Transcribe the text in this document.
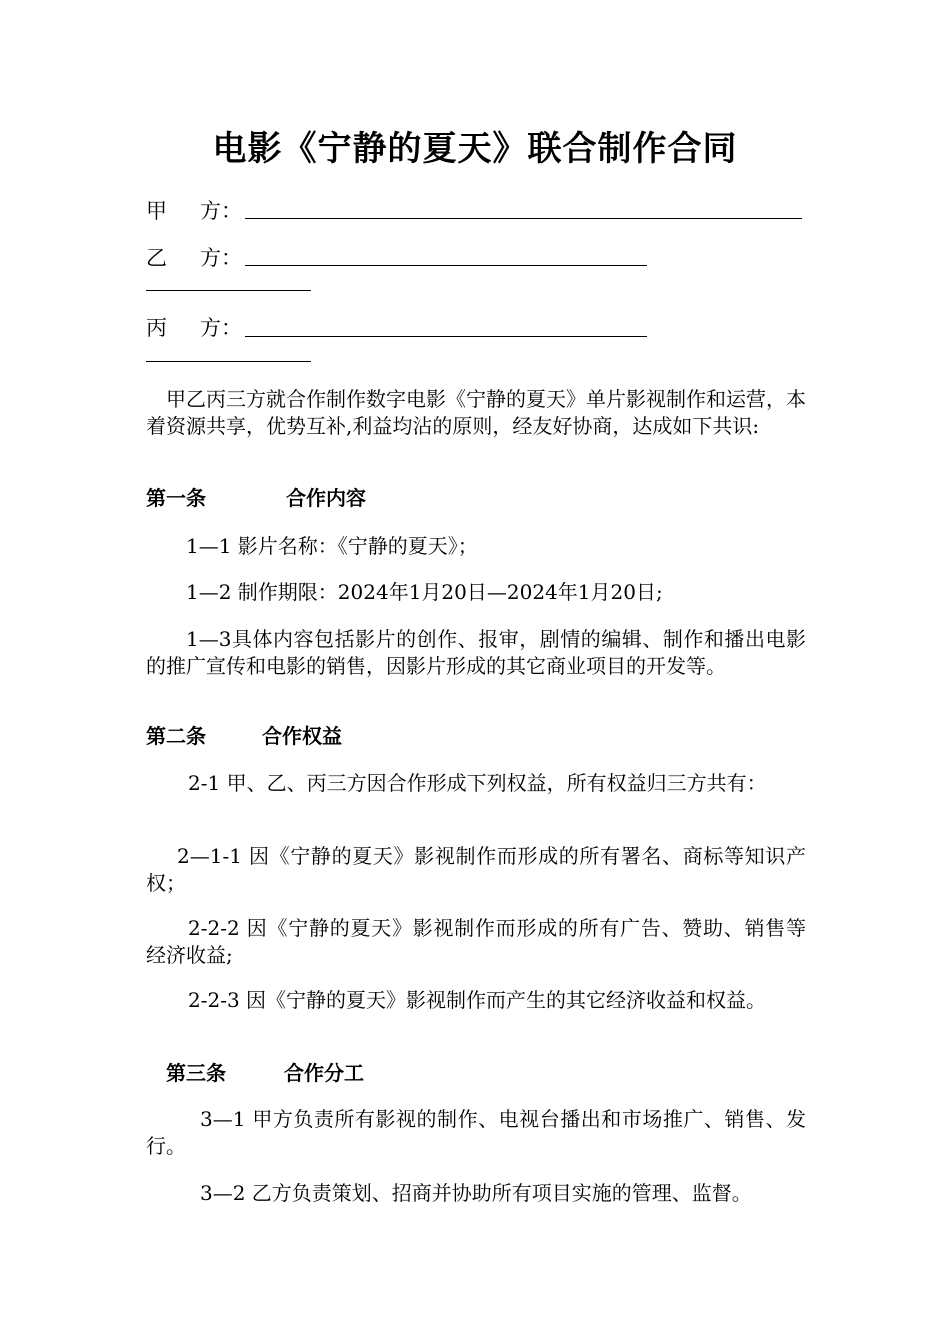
电影《宁静的夏天》联合制作合同
甲 方：
乙 方：
丙 方：
甲乙丙三方就合作制作数字电影《宁静的夏天》单片影视制作和运营，本着资源共享，优势互补,利益均沾的原则，经友好协商，达成如下共识:
第一条	合作内容
1—1 影片名称：《宁静的夏天》；
1—2 制作期限：2024年1月20日—2024年1月20日;
1—3具体内容包括影片的创作、报审，剧情的编辑、制作和播出电影的推广宣传和电影的销售，因影片形成的其它商业项目的开发等。
第二条	合作权益
2-1 甲、乙、丙三方因合作形成下列权益，所有权益归三方共有：
2—1-1 因《宁静的夏天》影视制作而形成的所有署名、商标等知识产权；
2-2-2 因《宁静的夏天》影视制作而形成的所有广告、赞助、销售等经济收益;
2-2-3 因《宁静的夏天》影视制作而产生的其它经济收益和权益。
第三条	合作分工
3—1 甲方负责所有影视的制作、电视台播出和市场推广、销售、发行。
3—2 乙方负责策划、招商并协助所有项目实施的管理、监督。
